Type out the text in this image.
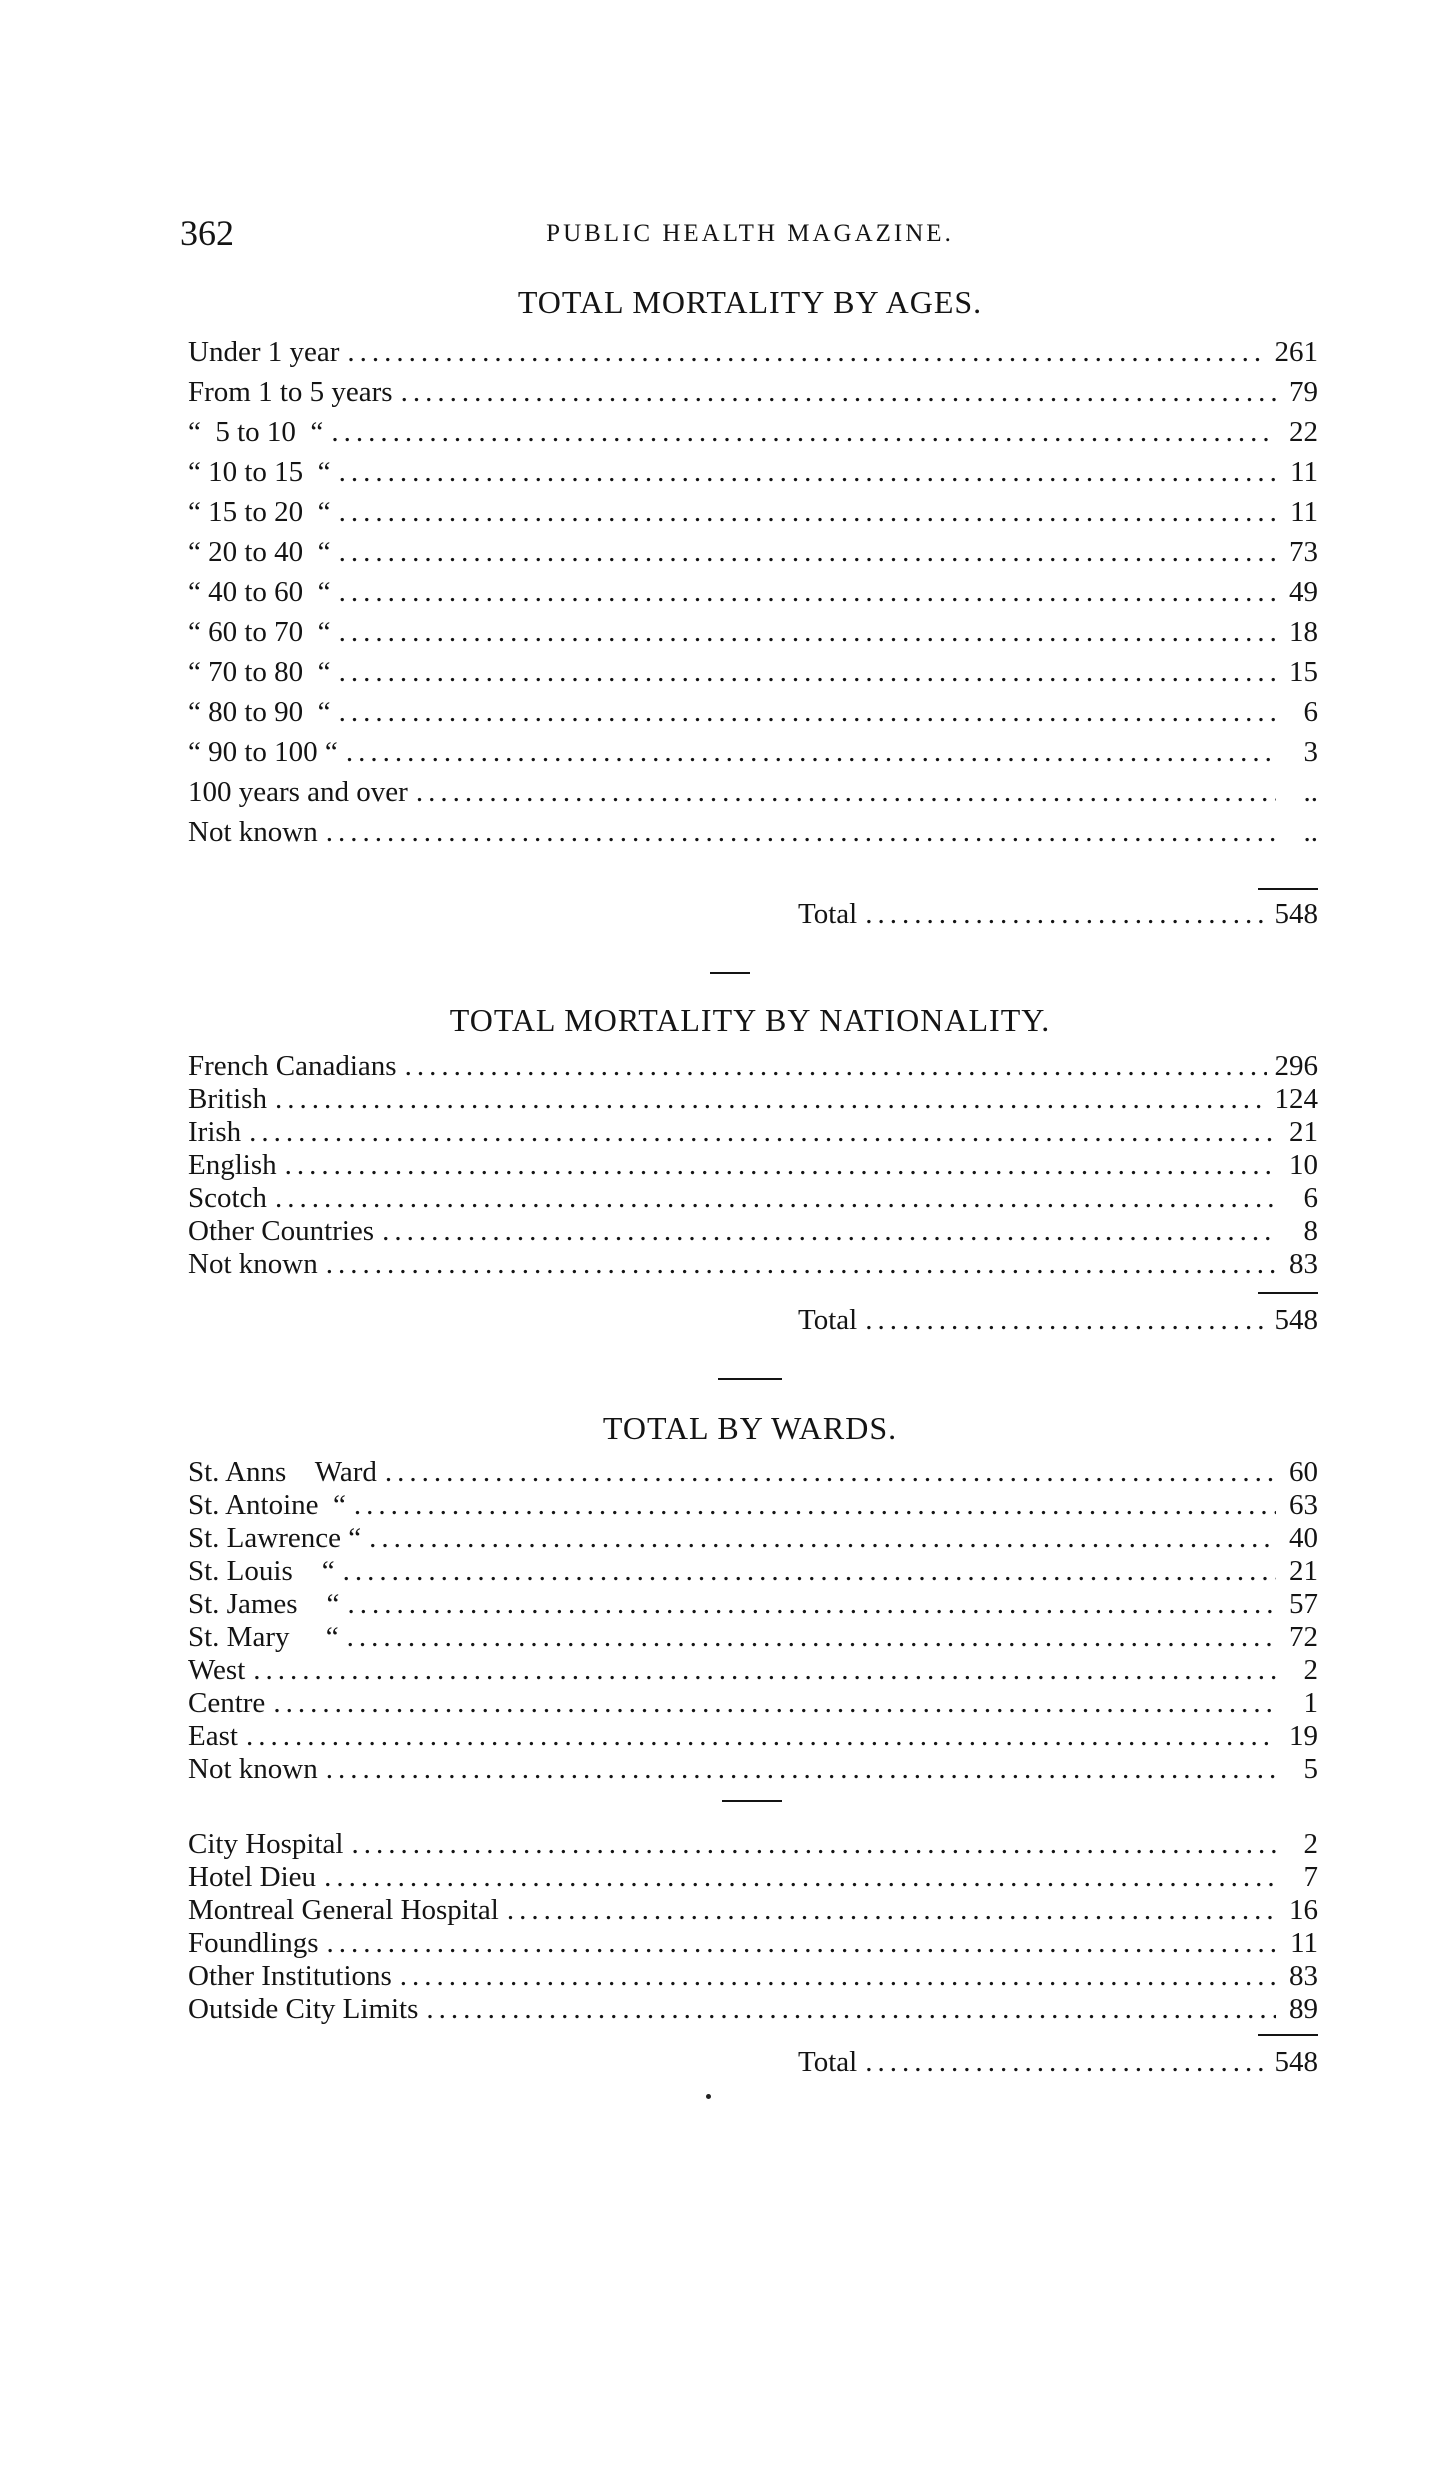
362	PUBLIC HEALTH MAGAZINE.
TOTAL MORTALITY BY AGES.
Under 1 year .....	261
From 1 to 5 years .....	79
“  5 to 10  “ .....	22
“ 10 to 15  “ .....	11
“ 15 to 20  “ .....	11
“ 20 to 40  “ .....	73
“ 40 to 60  “ .....	49
“ 60 to 70  “ .....	18
“ 70 to 80  “ .....	15
“ 80 to 90  “ .....	6
“ 90 to 100 “ .....	3
100 years and over .....	..
Not known .....	..
Total .....	548
TOTAL MORTALITY BY NATIONALITY.
French Canadians .....	296
British .....	124
Irish .....	21
English .....	10
Scotch .....	6
Other Countries .....	8
Not known .....	83
Total .....	548
TOTAL BY WARDS.
St. Anns    Ward .....	60
St. Antoine  “ .....	63
St. Lawrence “ .....	40
St. Louis    “ .....	21
St. James    “ .....	57
St. Mary     “ .....	72
West .....	2
Centre .....	1
East .....	19
Not known .....	5
City Hospital .....	2
Hotel Dieu .....	7
Montreal General Hospital .....	16
Foundlings .....	11
Other Institutions .....	83
Outside City Limits .....	89
Total .....	548
